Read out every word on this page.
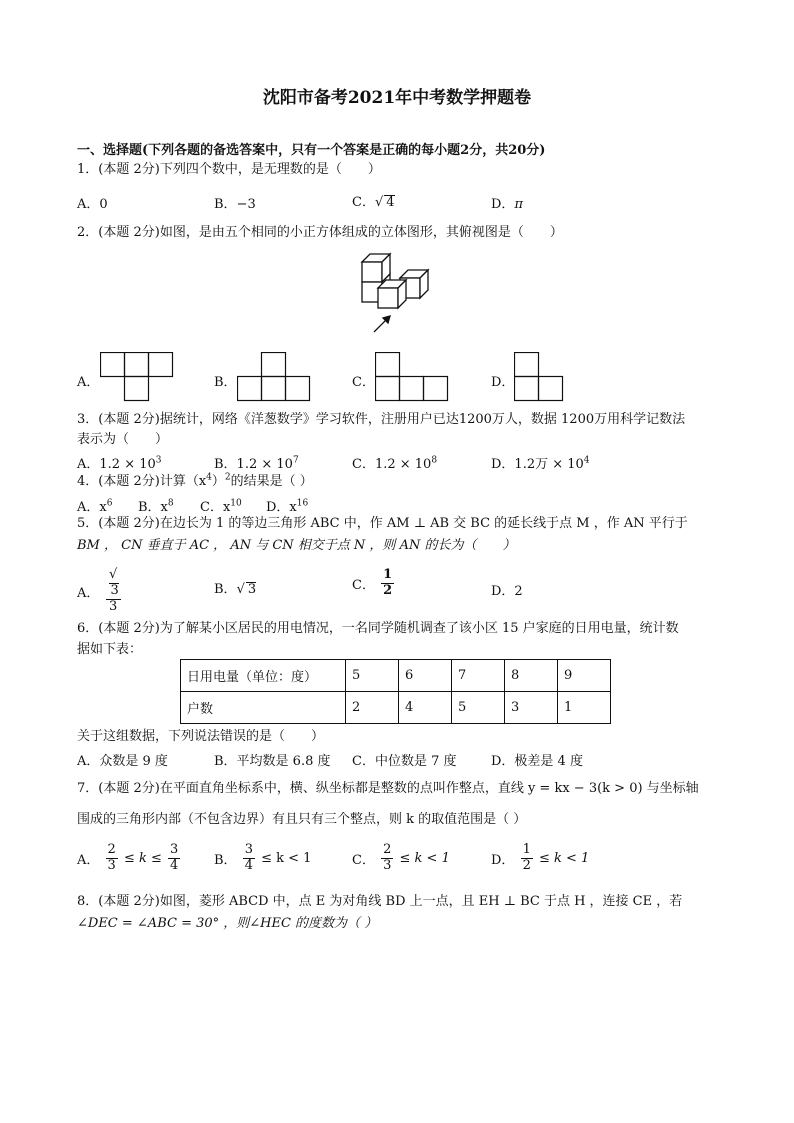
沈阳市备考2021年中考数学押题卷
一、选择题(下列各题的备选答案中，只有一个答案是正确的每小题2分，共20分)
1．(本题 2分)下列四个数中，是无理数的是（　　）
A．0	B．−3	C．√ 4	D．π
2．(本题 2分)如图，是由五个相同的小正方体组成的立体图形，其俯视图是（　　）
A．	B．	C．	D．
3．(本题 2分)据统计，网络《洋葱数学》学习软件，注册用户已达1200万人，数据 1200万用科学记数法
表示为（　　）
A．$1.2 \times 10^3$	B．$1.2 \times 10^7$	C．$1.2 \times 10^8$	D．1.2万 × $10^4$
4．(本题 2分)计算$(x^4)^2$的结果是（ ）
A．$x^6$ B．$x^8$ C．$x^{10}$ D．$x^{16}$
5．(本题 2分)在边长为 1 的等边三角形 ABC 中，作 AM ⊥ AB 交 BC 的延长线于点 M ，作 AN 平行于
BM ， CN 垂直于 AC ， AN 与 CN 相交于点 N ，则 AN 的长为（　　）
A． √
3
3	B．√ 3	C． $\frac{1}{2}$	D．2
6．(本题 2分)为了解某小区居民的用电情况，一名同学随机调查了该小区 15 户家庭的日用电量，统计数
据如下表：
日用电量（单位：度）	5	6	7	8	9
户数	2	4	5	3	1
关于这组数据，下列说法错误的是（　　）
A．众数是 9 度	B．平均数是 6.8 度 C．中位数是 7 度	D．极差是 4 度
7．(本题 2分)在平面直角坐标系中，横、纵坐标都是整数的点叫作整点，直线 y = kx − 3(k > 0) 与坐标轴
围成的三角形内部（不包含边界）有且只有三个整点，则 k 的取值范围是（ ）
A． $\frac{2}{3} \le k \le \frac{3}{4}$	B． $\frac{3}{4} \le k < 1$	C． $\frac{2}{3} \le k < 1$	D． $\frac{1}{2} \le k < 1$
8．(本题 2分)如图，菱形 ABCD 中，点 E 为对角线 BD 上一点，且 EH ⊥ BC 于点 H ，连接 CE ，若
∠DEC = ∠ABC = 30° ，则∠HEC 的度数为（ ）
